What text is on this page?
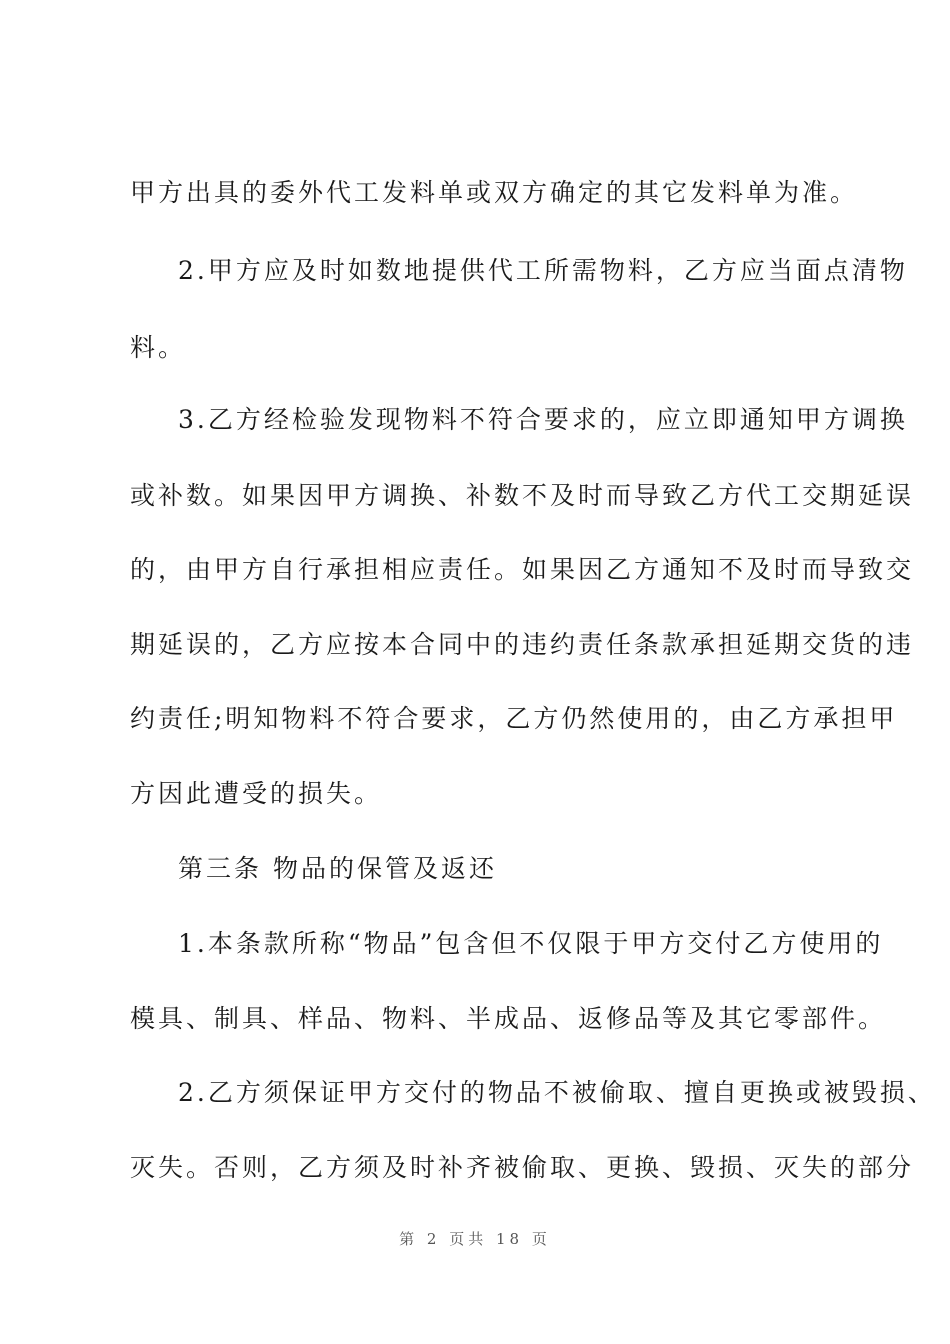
甲方出具的委外代工发料单或双方确定的其它发料单为准。
2.甲方应及时如数地提供代工所需物料，乙方应当面点清物
料。
3.乙方经检验发现物料不符合要求的，应立即通知甲方调换
或补数。如果因甲方调换、补数不及时而导致乙方代工交期延误
的，由甲方自行承担相应责任。如果因乙方通知不及时而导致交
期延误的，乙方应按本合同中的违约责任条款承担延期交货的违
约责任;明知物料不符合要求，乙方仍然使用的，由乙方承担甲
方因此遭受的损失。
第三条 物品的保管及返还
1.本条款所称“物品”包含但不仅限于甲方交付乙方使用的
模具、制具、样品、物料、半成品、返修品等及其它零部件。
2.乙方须保证甲方交付的物品不被偷取、擅自更换或被毁损、
灭失。否则，乙方须及时补齐被偷取、更换、毁损、灭失的部分
第 2 页共 18 页
